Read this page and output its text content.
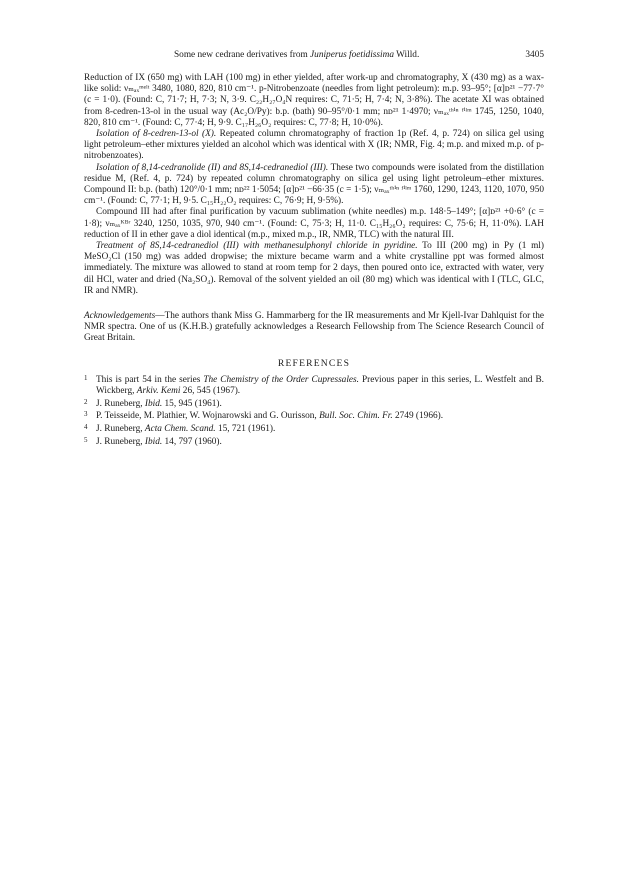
Some new cedrane derivatives from Juniperus foetidissima Willd.	3405

Reduction of IX (650 mg) with LAH (100 mg) in ether yielded, after work-up and chromatography, X (430 mg) as a wax-like solid: νₘₐₓᵐᵉˡᵗ 3480, 1080, 820, 810 cm⁻¹. p-Nitrobenzoate (needles from light petroleum): m.p. 93–95°; [α]ᴅ²¹ −77·7° (c = 1·0). (Found: C, 71·7; H, 7·3; N, 3·9. C₂₂H₂₇O₄N requires: C, 71·5; H, 7·4; N, 3·8%). The acetate XI was obtained from 8-cedren-13-ol in the usual way (Ac₂O/Py): b.p. (bath) 90–95°/0·1 mm; nᴅ²¹ 1·4970; νₘₐₓᵗʰⁱⁿ ᶠⁱˡᵐ 1745, 1250, 1040, 820, 810 cm⁻¹. (Found: C, 77·4; H, 9·9. C₁₇H₂₆O₂ requires: C, 77·8; H, 10·0%).

Isolation of 8-cedren-13-ol (X). Repeated column chromatography of fraction 1p (Ref. 4, p. 724) on silica gel using light petroleum–ether mixtures yielded an alcohol which was identical with X (IR; NMR, Fig. 4; m.p. and mixed m.p. of p-nitrobenzoates).

Isolation of 8,14-cedranolide (II) and 8S,14-cedranediol (III). These two compounds were isolated from the distillation residue M, (Ref. 4, p. 724) by repeated column chromatography on silica gel using light petroleum–ether mixtures. Compound II: b.p. (bath) 120°/0·1 mm; nᴅ²² 1·5054; [α]ᴅ²¹ −66·35 (c = 1·5); νₘₐₓᵗʰⁱⁿ ᶠⁱˡᵐ 1760, 1290, 1243, 1120, 1070, 950 cm⁻¹. (Found: C, 77·1; H, 9·5. C₁₅H₂₂O₂ requires: C, 76·9; H, 9·5%).

Compound III had after final purification by vacuum sublimation (white needles) m.p. 148·5–149°; [α]ᴅ²¹ +0·6° (c = 1·8); νₘₐₓᴷᴮʳ 3240, 1250, 1035, 970, 940 cm⁻¹. (Found: C, 75·3; H, 11·0. C₁₅H₂₆O₂ requires: C, 75·6; H, 11·0%). LAH reduction of II in ether gave a diol identical (m.p., mixed m.p., IR, NMR, TLC) with the natural III.

Treatment of 8S,14-cedranediol (III) with methanesulphonyl chloride in pyridine. To III (200 mg) in Py (1 ml) MeSO₂Cl (150 mg) was added dropwise; the mixture became warm and a white crystalline ppt was formed almost immediately. The mixture was allowed to stand at room temp for 2 days, then poured onto ice, extracted with water, very dil HCl, water and dried (Na₂SO₄). Removal of the solvent yielded an oil (80 mg) which was identical with I (TLC, GLC, IR and NMR).

Acknowledgements—The authors thank Miss G. Hammarberg for the IR measurements and Mr Kjell-Ivar Dahlquist for the NMR spectra. One of us (K.H.B.) gratefully acknowledges a Research Fellowship from The Science Research Council of Great Britain.

REFERENCES
1 This is part 54 in the series The Chemistry of the Order Cupressales. Previous paper in this series, L. Westfelt and B. Wickberg, Arkiv. Kemi 26, 545 (1967).
2 J. Runeberg, Ibid. 15, 945 (1961).
3 P. Teisseide, M. Plathier, W. Wojnarowski and G. Ourisson, Bull. Soc. Chim. Fr. 2749 (1966).
4 J. Runeberg, Acta Chem. Scand. 15, 721 (1961).
5 J. Runeberg, Ibid. 14, 797 (1960).
